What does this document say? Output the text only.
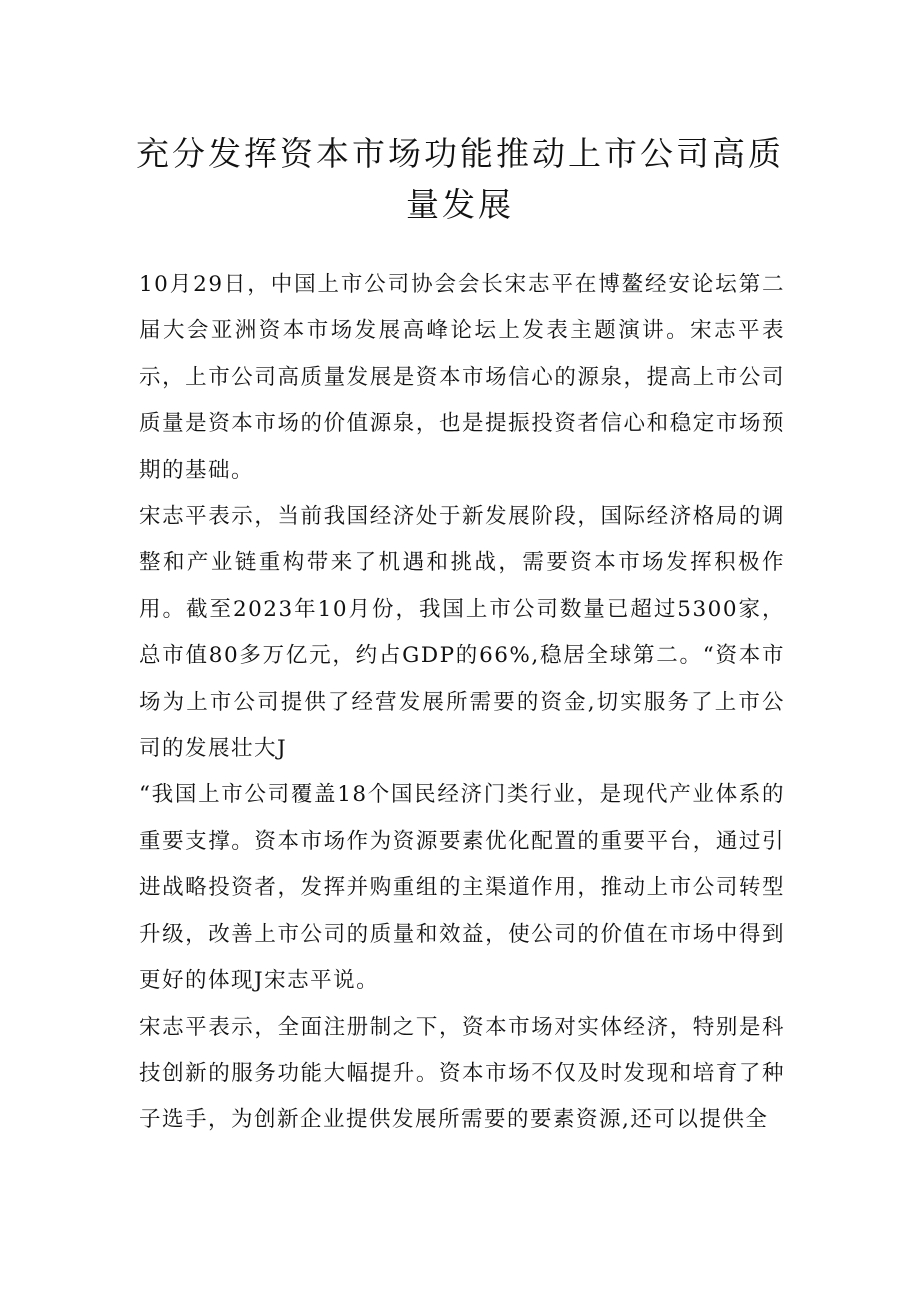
充分发挥资本市场功能推动上市公司高质量发展

10月29日，中国上市公司协会会长宋志平在博鳌经安论坛第二届大会亚洲资本市场发展高峰论坛上发表主题演讲。宋志平表示，上市公司高质量发展是资本市场信心的源泉，提高上市公司质量是资本市场的价值源泉，也是提振投资者信心和稳定市场预期的基础。

宋志平表示，当前我国经济处于新发展阶段，国际经济格局的调整和产业链重构带来了机遇和挑战，需要资本市场发挥积极作用。截至2023年10月份，我国上市公司数量已超过5300家，总市值80多万亿元，约占GDP的66%,稳居全球第二。“资本市场为上市公司提供了经营发展所需要的资金,切实服务了上市公司的发展壮大J

“我国上市公司覆盖18个国民经济门类行业，是现代产业体系的重要支撑。资本市场作为资源要素优化配置的重要平台，通过引进战略投资者，发挥并购重组的主渠道作用，推动上市公司转型升级，改善上市公司的质量和效益，使公司的价值在市场中得到更好的体现J宋志平说。

宋志平表示，全面注册制之下，资本市场对实体经济，特别是科技创新的服务功能大幅提升。资本市场不仅及时发现和培育了种子选手，为创新企业提供发展所需要的要素资源,还可以提供全
